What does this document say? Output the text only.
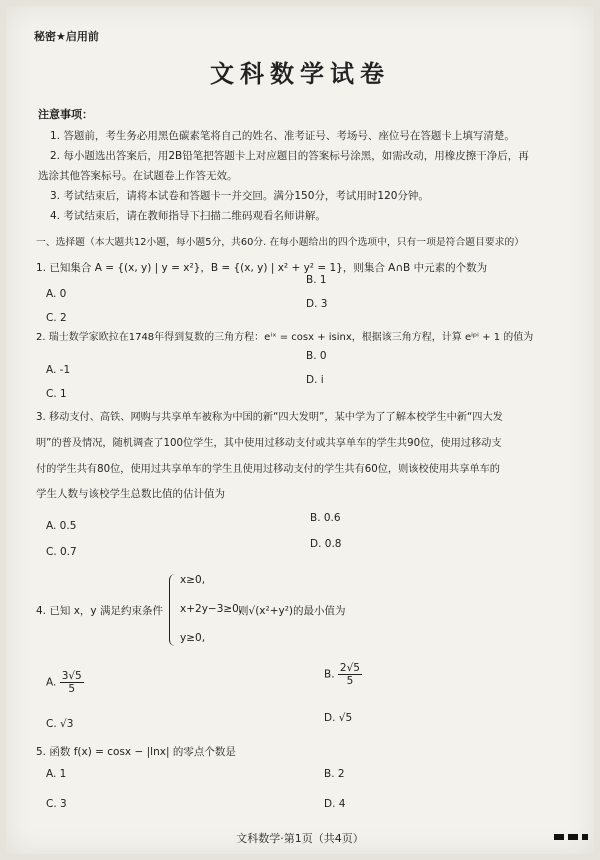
秘密★启用前
文科数学试卷
注意事项：
1. 答题前，考生务必用黑色碳素笔将自己的姓名、准考证号、考场号、座位号在答题卡上填写清楚。
2. 每小题选出答案后，用2B铅笔把答题卡上对应题目的答案标号涂黑，如需改动，用橡皮擦干净后，再
选涂其他答案标号。在试题卷上作答无效。
3. 考试结束后，请将本试卷和答题卡一并交回。满分150分，考试用时120分钟。
4. 考试结束后，请在教师指导下扫描二维码观看名师讲解。
一、选择题（本大题共12小题，每小题5分，共60分. 在每小题给出的四个选项中，只有一项是符合题目要求的）
1. 已知集合 A = {(x, y) | y = x²}，B = {(x, y) | x² + y² = 1}，则集合 A∩B 中元素的个数为
A. 0
B. 1
C. 2
D. 3
2. 瑞士数学家欧拉在1748年得到复数的三角方程：eⁱˣ = cosx + isinx，根据该三角方程，计算 eⁱᵖⁱ + 1 的值为
A. -1
B. 0
C. 1
D. i
3. 移动支付、高铁、网购与共享单车被称为中国的新“四大发明”，某中学为了了解本校学生中新“四大发
明”的普及情况，随机调查了100位学生，其中使用过移动支付或共享单车的学生共90位，使用过移动支
付的学生共有80位，使用过共享单车的学生且使用过移动支付的学生共有60位，则该校使用共享单车的
学生人数与该校学生总数比值的估计值为
A. 0.5
B. 0.6
C. 0.7
D. 0.8
4. 已知 x，y 满足约束条件
x≥0,
x+2y−3≥0,
y≥0,
则√(x²+y²)的最小值为
A. $\frac{3√5}{5}$	B. $\frac{2√5}{5}$
C. √3	D. √5
5. 函数 f(x) = cosx − |lnx| 的零点个数是
A. 1	B. 2
C. 3	D. 4
文科数学·第1页（共4页）
